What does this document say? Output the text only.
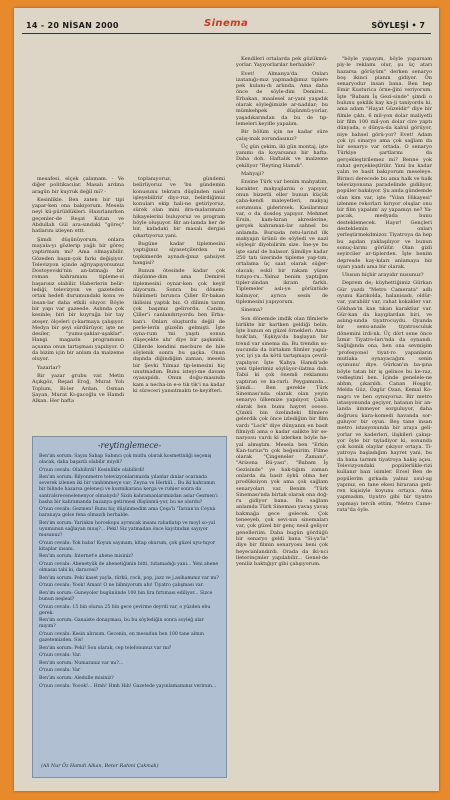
14 - 20 NİSAN 2000	Sinema	SÖYLEŞİ • 7

mesafesi, elçek çalamam. - Ve diğer politikacılar. Masalı ardına aragün bir kuyruk değil mi? -

Kesinlikle. Ben zaten bir tipi yapar-ken ona bakıyorum. Mesela neyi kü-pürüldükleri. Hazırlanırken geçenler-de Reşat Kutan ve Abdullah Gül ara-sındaki "göreç" hatlarını izleyen ettt.

Şimdi düşünüyorum, onlara mayala-yı gözlerip yağlı bir göreç yaptırmam mı? Ama olmayabilir. Gözeden başın-çok farkı değişiyor. Televizyon içinde ağrıyapıyorsunuz Dostoyevski'nin an-latmağı bir roman kahramanı tipleme-si başarısız olabilir. Haberlerin belir-lediği, televizyon ve gazeteden ortak hedefi durumundaki konu ve insan-lar daha etkili oluyor. Böyle bir yapı var gazeede. Aslında çok kesinle; biri bir kuyruğa bir tay ateşer, ölçeleri çı-karmaya çalışıyor. Medya bir şeyi sürdürüyor, işte ne desiler, "yumu-şaklar-uşaklar". Hangi magazin programının açsama onun tartışması yapılıyor. O da bizim için bir anlam da malzeme oluyor.

Yazarlar?

Bir yazar grubu var. Metin Açıkgöz, Reşad Eroğ, Murat Yolı Toplum, Bi-ler Ardan, Osman Şayan, Murat Kı-gacoğlu ve Hamdi Alkan. Her hafta

toplanıyoruz, gündemi belirliyoruz ve 'bu gündemin konusunu tekrara düşünden nasıl işleyebiliriz' diyo-ruz, belirdiğimiz konuları ekip hali-ne getiriyoruz, sürek olan mini dra-malarımızın hikayelerini buluyoruz ve program böyle oluşuyor. Bir an-lamda her de bir, kafadaki bir masalı dergisi çıkartıyoruz yani.

Bugüne kadar tiplemesini yaptığınız siyasetçilerden na tepkimerde aynadı-ğınız şahsiyet hangisi?

Bunun ötesinde kadar çok düşünme-dim ama Demirel tiplemesini oynar-ken çok keyif alıyorum. Sonra bu dönem-hükümeti bırunca Çiller Er-bakan ikilisini yaptık biz. O dilimin tarım çok başımız gelirordu. Canım, Çiller'i canlandırıyordu ben Erba-kan'ı. Onları oluşturdu değil de perle-lerin güzelin gelmişti. İşte oyna-rum 'mi yaşıtı sonun düşeçekte ahı' diye bir şaşkınlık. Çillerde kendini mecbure de hile söylenik sonra bu şaçka. Onun dışında diğindiğim zaman, mesela bir Şevki Yılmaz tip-lemesini hiç unutmadım. Bunu isteyi-me davam oyasapıldı. Onun doğu-masında kam a necha-in e-e tik tik'i na kadar ki süreceri yansıtmaktı te-keyifteri.

Kendileri ortalarda pek gözükmü-yorlar. Yayıyorlarılar herhalde?

Evet! Almanya'da. Onları izatanığı-mız yapmadığımız tiplere pek kulanı-dı arlında. Ama daha önce de söyle-dim Demirel... Erbakan, maalesel ar-yani yaşadık olarak söyleğimizle ar-nadılar; bu mümkehpek düşünmü-yorlar, yaşadıkarından da bu de tıp-lemeleri keyifle yapalım.

Bir bölüm için ne kadar süre çalış-mak zorundasınız?

Üç gün çekim, iki gün montaj, işte yanımı da koyarsanız bir hafta. Daha doh. Haftalık ve malzeme çekiliyor "Reyting Hamdi".

Mahyaji?

Ensine Türk var benim mahyatim, karakter, makyajlarını o yapıyor, onun bizzetli eller bunun küçük çaba-kendi maleyetleri, makyaj sorumunu giderirsek. Kasilarımız var, o da dosdoş yapıyor. Mehmet Ersin, kam-kıran akreslerine, gerçek kahraman-lar sahnel bu anlamda. Bursada retu-larınd ilk makyajın ürünü de söyledi ve nazl söyleşir diyebilirim size. İne-ye bu işte sanıl de balasor. Şimdiye kadar 250 tatı üzerinde tipleme yap-tım, ortalama üç saat olarak süğer-olacak; eskil bir rakam yüzer tutuyo-ru...Yalnız benim yaptığım tipler-zindan ikram farklı. Tiplemeler aslı-ye görüntüde kalmıyor, ayrıca sesin de tiplemesini yapıyorum.

Sinema?

Son dönemde imdik olan filmlerle birlikte bir kartken geldiği belin. İşte bunun en güzel örnekleri: Ama-hıuk'lan, 'Eşkiya'da başlayan bir trend var sinema da. Bu trendin so-nucunda da birtakım filmler yapılı-yor, iyi ya da kötü tartışmaya çevril-yapılıyor. İşte 'Kahya Hamdi'ade yeni tiplerimiz söylüyor-ilatma dalı. Tabii ki çok önemli reklamını yaptıran ve ka-rarlı. Peygamızda... Şimdi... Ben gerekle Türk Sineması'nda olarak olan yeyin senaryo ülkemize yapılıyor, Çakla olarak ben bunu hayret ooooo. Çünkü bin özelindeki filmlere gelerdik çok önce izlediğim bir film vardı "Lock" diye dünyanın en basit filmiydi ama o kadar salikte bir se-naryosu vardı ki izlerken böyle he-yal almıştım. Mesela ben "Erkin Kan-turius"n çok beğenirim. Filme olarak "Çingeneler Zamanı", "Arizona Rü-yası", "Babam İş Gezisinde" ye bak-tığım zaman onlarda da basit öykü olma her prodüksiyon yok ama çok sağlam senaryoları var. Benim "Türk Sineması'nda birtak olarak ona doğ-ru gidiyor bana. Bu sağlam anlamda Türk Sineması yavaş yavaş bakmağa gece gelecek. Çok teneeyeb, çok sevi-nın sinemaları var, çok güzel bir genç nesil geliyor genelleriim. Daha bugün gördüğü bir senaryo geldi bana "Si-ya'la" diye bir filmin senaryosu beni çok heyecanlandırdı. Orada da iki-nci lleterinçmler yapılabilir... Genel-de yeniliz baktığıyr gibi çalışıyorum.

"böyle yapayım, böyle yaparsam piy-le reklamı olur, şu üç atarı hazarsa görüyüm" derken senaryo boş ikinci planın gidiyor. Ön senaryodur insan bana. Ben hep Emir Kusturica örne-ğini veriyorum. İşte "Babam İş Gezi-sinde" şimdi o bulunu şekilik kay ka-ji taniyordu ki, ama adam "Hayat Güzeldir" diye bir filmle çıktı. 6 mil-yon dolar maliyetli bir film 100 mil-yon dolar cire yaptı dünyada, o dünya-da kabul görüyor, niye bahsel görü-yor? Evet! Adam çok iyi sinaryo ama çok sağlam da bir senaryo var ortada. O senaryo Türkiye şartlarını da gerçekleştirilemez mi? Benne yok rahat gerçekleştirilir. Yani bu kadar yalın ve basit bakıyorum meseleye. Birinci derecede bu ama halk ve halk televizyonuna paradelinde gidiliyor, popüler bakılıyor. Şu anda gündemde olan kim var, işte "Yılan Hikayesi" izlenme rekorları kırıyor oluşlar onu bir film yapalım' ay yapamıyı ne? Ya-pacak, medyada bunu desteklemecek. Hayır! Gençleri desteklemin onları yerleştirmekdmizor. Tiyatroya da hep bu aşıdan yaklaşılıyor ve bunun sonuç-larını görülür. Olan gizli seyirciler ar-tiplerden. İşte benim depresde kay-kıları anlamaya biz uyarı yaadı ama bir olarak.

Ulusun hiçbir arayıdır nusunuz?

Deprem de; küyhettiğimiz Gürkan Gür yazdı "Metro Camerata" adlı oyunu Karikolda, halanisadı, oldür-var, yarabilir var, rahat kokakler var. Gökhan'in kan tıkan karaktlar var. Gür-kan da kayıplardan biri, ve aslıng-sında tiyatrocuydu. Oyunda bir senu-anaile tiyatrosculuk dönemini irdi-nk. Üç dört sene önce İzmir Tiyatro-ları'nda da oynandı. Sağlığında ona, ben ona sevmişim 'profesyonel tiyat-ro yapanların mutlaka oynayacağım senin oyununu' diye. Gürkan'ın ba-şına böyle tatan bir iş gelince bu ke-raz, vedleştimi ben. İçinde genelele-ne abhm, çıkarıldı. Canan Hoşgör, Melda Güz, Özgür Ozan, Kemal Ko-nagcı ve ben oynuyoruz. Bir metro istasyonunda geçiyor, hatanın bir an-landa ümmeyer sorguluyor, daha doğrusu kara-komedi havanda sor-guluyor bir oyun. Beş tane insan metro istasyonunda bir araya geli-yorlar ve kaderleri, ilişkileri çakışı-yor öyle bir tıyladiyor ki, sonunda çok komik olaylar çıkıyor ortaya. Ti-yatroya başladığım hayret yani, bu da bana tarmm tiyatroya hakiş açısı. Televizyondaki popülerlikle-rizi kullanır bazı isimler. Ersel Ben de popülerim gırkada yalnız usul-ag yapınız, en tane ekesi hirarana geti-ren kişisiyle koyunu ortaya. Ama yapmadım, tiyatro gibi bir tiyatro yapmayı tercih ettim, "Metro Came-rata"da öyle.

-reytinglemece-

Ben'im sorum: Sayın Sabap Sabıncı çok mutlu olarak kosmetinliği seçeniş olacak, daha başarılı olabilir miydi?

O'nun cevabı: Olabilirdi! Kesinlikle olabilirdi!

Ben'im sorum: Bilyonmetre televizyonlarımızda yılanlar dınlar ocaranda severek izlenen iki bir vanbimmeye var; Zeyna ve Herkül... Bu iki kahramın bir hilinde hazarsa geleneçi ve kozmikarana kerga ve ruhler sonra da santralsrecenelenenyor olmalıydı? Sizin kahramanlarımızdan aslar Gezmen'i basha bir kahramanda bazanya getirmesi düşünmü-yor, bu ne olurdu?

O'nun cevabı: Gezmen! Bunu hiç düşünmedim ama Çeşa'lı 'Tarzan'ın Ceyniı baranaya gelse fena olmazdı herhalde.

Ben'im sorum: Yarinkın horoskopu ayrıncak insanı rahatlatıp ve moyl so-yal uyumunun sağlayan mıuş?... Peki! Siz yatmadan önce kayıtından sayıyor musunuz?

O'nun cevabı: Yok baba! Koyun sayınam, kitap okurum, çok güzel uyu-tuyor kitaplar insanı.

Ben'im sorum: Internet'e ahene misiniz?

O'nun cevabı: Ahenetyük de ahenetiğimin bitti, tutamadığı yani... Yeni ahene olmasaı tabi ki, daracesi?

Ben'im sorum: Peki kaset yayla, türkü, rock, pop, jazz ve j.asihamınız var mı?

O'nun cevabı: Yook! Aman! O ne bilmiyorum abı! Tiyatro çalışması var.

Ben'im sorum: Guneyoler bugününde 100 bin lira fırtıması ediliyor... Sizce bunun neşleal?

O'nun cevabı: 15 bin olursa 25 bin gece çevirme deyrdi var, o yüzden ebu gerek.

Ben'im sorum: Ganaiste donayması, bu bu söylediğin sonra soyleğ alar mıyım?

O'nun cevabı: Kesin alırısım. Gecenin, en mesudun ben 100 tane almın gazetemizden. Sis!

Ben'im sorum: Peki! Son olarak, cep telefonunuz var mı?

O'nun cevabı: Var.

Ben'im sorum: Numaranız var mı?...

O'nun cevabı: Var

Ben'im sorum: Aledulle misiniz?

O'nun cevabı: Yoook!... Hmh! Hmh Hıh! Gazetede yayınlamamınız verirsın...

(Ali Nur Öz Hamdi Alkan, Beter Rahmi Çakmak)
